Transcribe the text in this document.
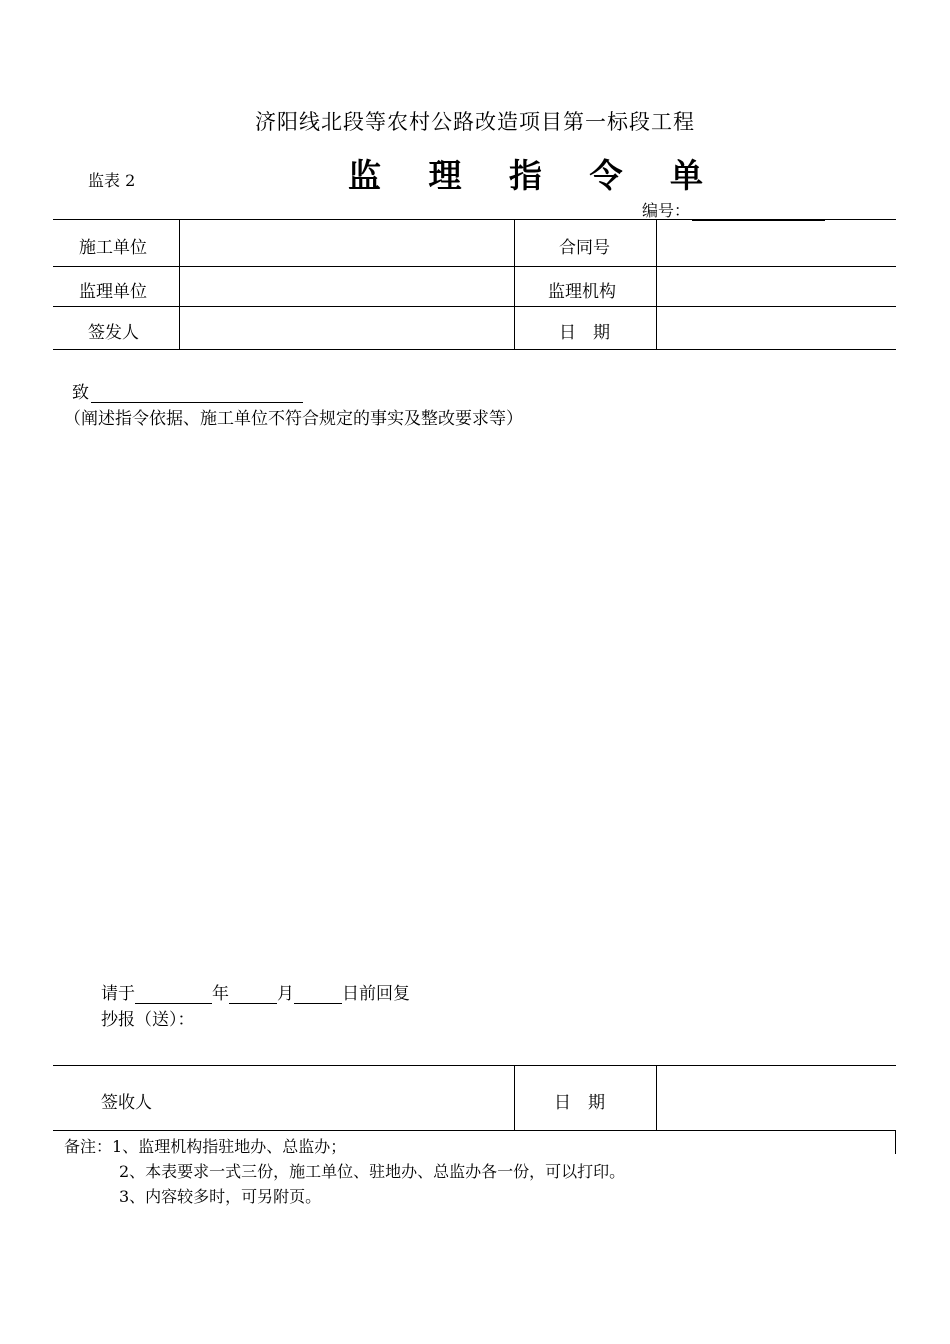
济阳线北段等农村公路改造项目第一标段工程
监表 2	监 理 指 令 单
编号：
施工单位	合同号
监理单位	监理机构
签发人	日　期
致
（阐述指令依据、施工单位不符合规定的事实及整改要求等）
请于	年	月	日前回复
抄报（送）：
签收人	日　期
备注：1、监理机构指驻地办、总监办；
2、本表要求一式三份，施工单位、驻地办、总监办各一份，可以打印。
3、内容较多时，可另附页。
